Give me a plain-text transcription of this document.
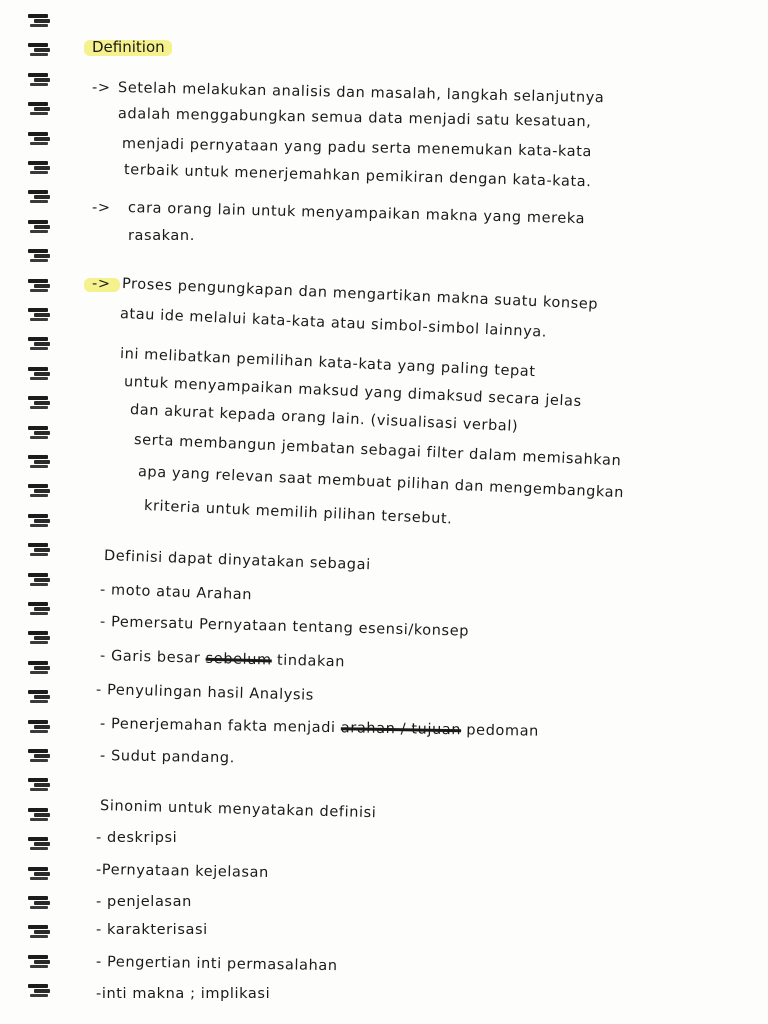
Definition
-> Setelah melakukan analisis dan masalah, langkah selanjutnya
adalah menggabungkan semua data menjadi satu kesatuan,
menjadi pernyataan yang padu serta menemukan kata-kata
terbaik untuk menerjemahkan pemikiran dengan kata-kata.
-> cara orang lain untuk menyampaikan makna yang mereka
rasakan.
-> Proses pengungkapan dan mengartikan makna suatu konsep
atau ide melalui kata-kata atau simbol-simbol lainnya.
ini melibatkan pemilihan kata-kata yang paling tepat
untuk menyampaikan maksud yang dimaksud secara jelas
dan akurat kepada orang lain. (visualisasi verbal)
serta membangun jembatan sebagai filter dalam memisahkan
apa yang relevan saat membuat pilihan dan mengembangkan
kriteria untuk memilih pilihan tersebut.
Definisi dapat dinyatakan sebagai
- moto atau Arahan
- Pemersatu Pernyataan tentang esensi/konsep
- Garis besar sebelum tindakan
- Penyulingan hasil Analysis
- Penerjemahan fakta menjadi arahan / tujuan pedoman
- Sudut pandang.
Sinonim untuk menyatakan definisi
- deskripsi
-Pernyataan kejelasan
- penjelasan
- karakterisasi
- Pengertian inti permasalahan
-inti makna ; implikasi
